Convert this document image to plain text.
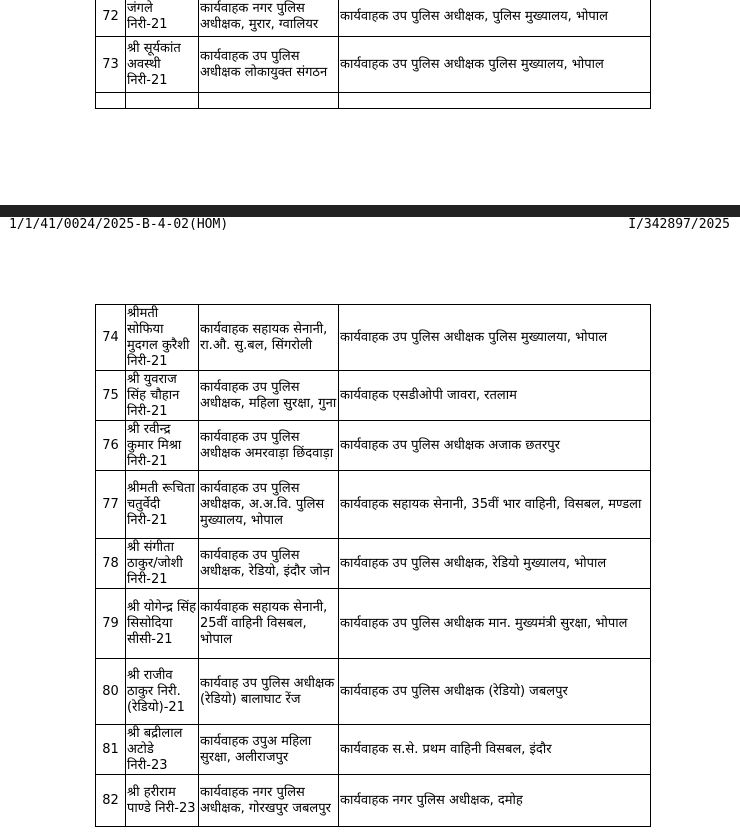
72	जंगले निरी-21	कार्यवाहक नगर पुलिस अधीक्षक, मुरार, ग्वालियर	कार्यवाहक उप पुलिस अधीक्षक, पुलिस मुख्यालय, भोपाल
73	श्री सूर्यकांत अवस्थी निरी-21	कार्यवाहक उप पुलिस अधीक्षक लोकायुक्त संगठन	कार्यवाहक उप पुलिस अधीक्षक पुलिस मुख्यालय, भोपाल

1/1/41/0024/2025-B-4-02(HOM)	I/342897/2025
74	श्रीमती सोफिया मुदगल कुरैशी निरी-21	कार्यवाहक सहायक सेनानी, रा.औ. सु.बल, सिंगरोली	कार्यवाहक उप पुलिस अधीक्षक पुलिस मुख्यालया, भोपाल
75	श्री युवराज सिंह चौहान निरी-21	कार्यवाहक उप पुलिस अधीक्षक, महिला सुरक्षा, गुना	कार्यवाहक एसडीओपी जावरा, रतलाम
76	श्री रवीन्द्र कुमार मिश्रा निरी-21	कार्यवाहक उप पुलिस अधीक्षक अमरवाड़ा छिंदवाड़ा	कार्यवाहक उप पुलिस अधीक्षक अजाक छतरपुर
77	श्रीमती रूचिता चतुर्वेदी निरी-21	कार्यवाहक उप पुलिस अधीक्षक, अ.अ.वि. पुलिस मुख्यालय, भोपाल	कार्यवाहक सहायक सेनानी, 35वीं भार वाहिनी, विसबल, मण्डला
78	श्री संगीता ठाकुर/जोशी निरी-21	कार्यवाहक उप पुलिस अधीक्षक, रेडियो, इंदौर जोन	कार्यवाहक उप पुलिस अधीक्षक, रेडियो मुख्यालय, भोपाल
79	श्री योगेन्द्र सिंह सिसोदिया सीसी-21	कार्यवाहक सहायक सेनानी, 25वीं वाहिनी विसबल, भोपाल	कार्यवाहक उप पुलिस अधीक्षक मान. मुख्यमंत्री सुरक्षा, भोपाल
80	श्री राजीव ठाकुर निरी. (रेडियो)-21	कार्यवाह उप पुलिस अधीक्षक (रेडियो) बालाघाट रेंज	कार्यवाहक उप पुलिस अधीक्षक (रेडियो) जबलपुर
81	श्री बद्रीलाल अटोडे निरी-23	कार्यवाहक उपुअ महिला सुरक्षा, अलीराजपुर	कार्यवाहक स.से. प्रथम वाहिनी विसबल, इंदौर
82	श्री हरीराम पाण्डे निरी-23	कार्यवाहक नगर पुलिस अधीक्षक, गोरखपुर जबलपुर	कार्यवाहक नगर पुलिस अधीक्षक, दमोह
